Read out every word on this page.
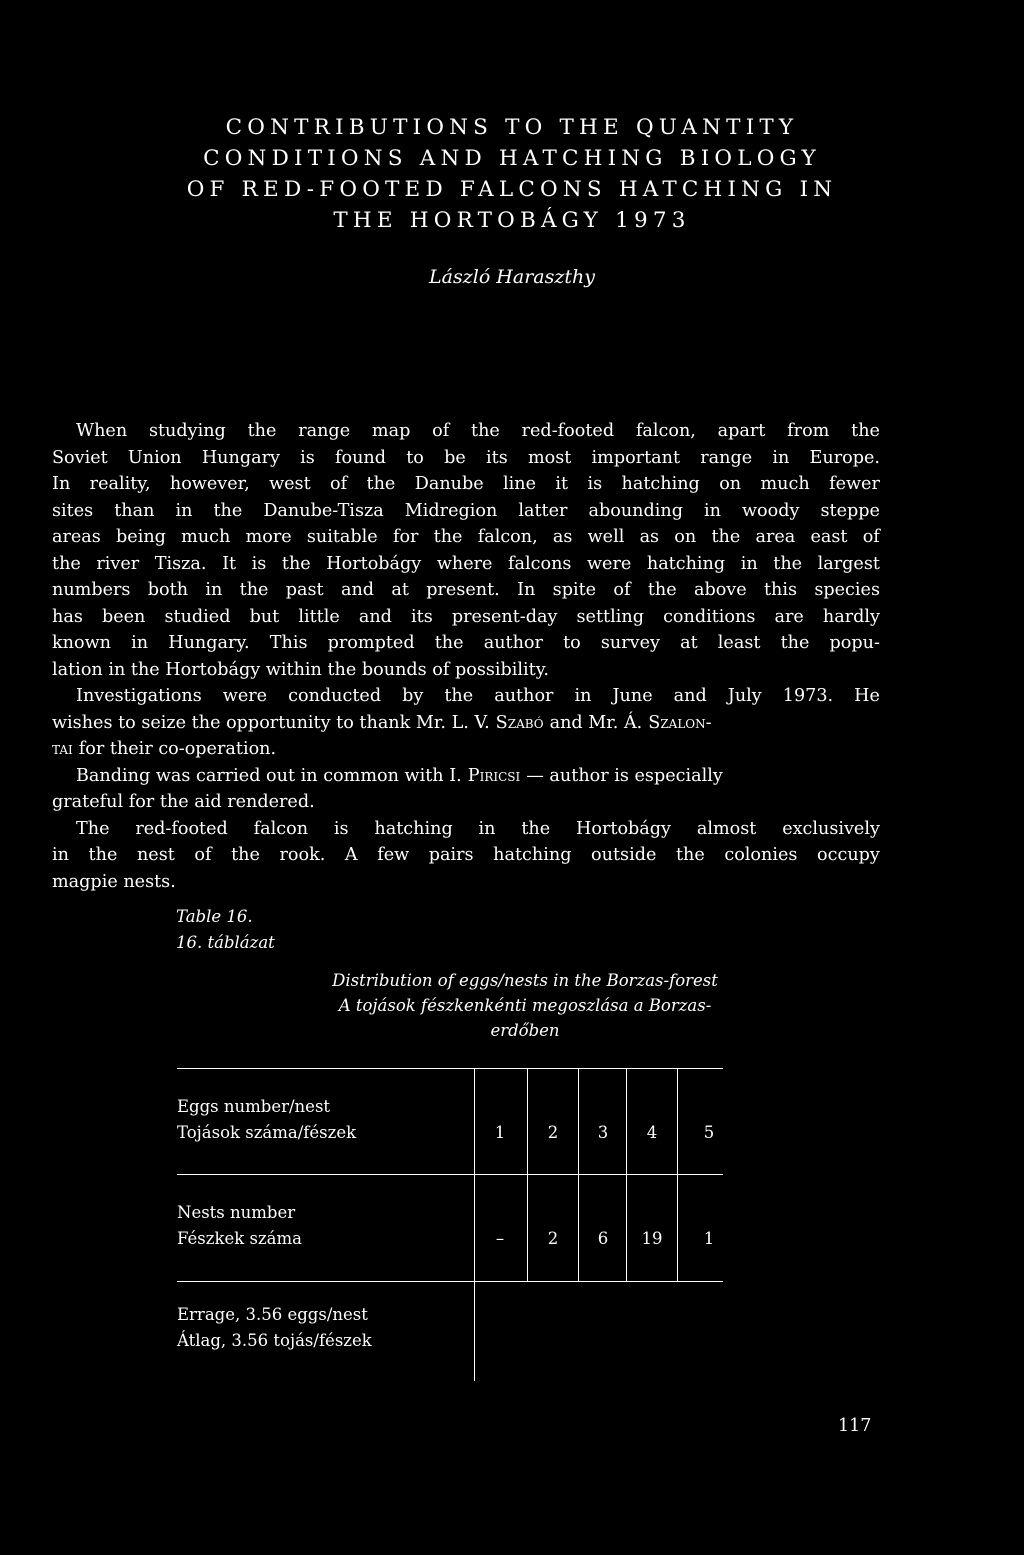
CONTRIBUTIONS TO THE QUANTITY
CONDITIONS AND HATCHING BIOLOGY
OF RED-FOOTED FALCONS HATCHING IN
THE HORTOBÁGY 1973
László Haraszthy
When studying the range map of the red-footed falcon, apart from the
Soviet Union Hungary is found to be its most important range in Europe.
In reality, however, west of the Danube line it is hatching on much fewer
sites than in the Danube-Tisza Midregion latter abounding in woody steppe
areas being much more suitable for the falcon, as well as on the area east of
the river Tisza. It is the Hortobágy where falcons were hatching in the largest
numbers both in the past and at present. In spite of the above this species
has been studied but little and its present-day settling conditions are hardly
known in Hungary. This prompted the author to survey at least the popu-
lation in the Hortobágy within the bounds of possibility.
Investigations were conducted by the author in June and July 1973. He
wishes to seize the opportunity to thank Mr. L. V. Szabó and Mr. Á. Szalon-
tai for their co-operation.
Banding was carried out in common with I. Piricsi — author is especially
grateful for the aid rendered.
The red-footed falcon is hatching in the Hortobágy almost exclusively
in the nest of the rook. A few pairs hatching outside the colonies occupy
magpie nests.
Table 16.
16. táblázat
Distribution of eggs/nests in the Borzas-forest
A tojások fészkenkénti megoszlása a Borzas-
erdőben
Eggs number/nest
Tojások száma/fészek	1	2	3	4	5
Nests number
Fészkek száma	–	2	6	19	1
Errage, 3.56 eggs/nest
Átlag, 3.56 tojás/fészek
117
